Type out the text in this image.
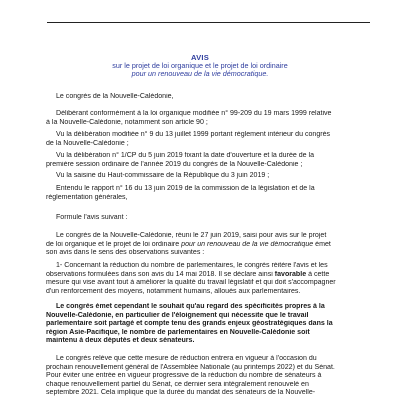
AVIS
sur le projet de loi organique et le projet de loi ordinaire
pour un renouveau de la vie démocratique.
Le congrès de la Nouvelle-Calédonie,
Délibérant conformément à la loi organique modifiée n° 99-209 du 19 mars 1999 relative
à la Nouvelle-Calédonie, notamment son article 90 ;
Vu la délibération modifiée n° 9 du 13 juillet 1999 portant règlement intérieur du congrès
de la Nouvelle-Calédonie ;
Vu la délibération n° 1/CP du 5 juin 2019 fixant la date d'ouverture et la durée de la
première session ordinaire de l'année 2019 du congrès de la Nouvelle-Calédonie ;
Vu la saisine du Haut-commissaire de la République du 3 juin 2019 ;
Entendu le rapport n° 16 du 13 juin 2019 de la commission de la législation et de la
réglementation générales,
Formule l'avis suivant :
Le congrès de la Nouvelle-Calédonie, réuni le 27 juin 2019, saisi pour avis sur le projet
de loi organique et le projet de loi ordinaire pour un renouveau de la vie démocratique émet
son avis dans le sens des observations suivantes :
1- Concernant la réduction du nombre de parlementaires, le congrès réitère l'avis et les
observations formulées dans son avis du 14 mai 2018. Il se déclare ainsi favorable à cette
mesure qui vise avant tout à améliorer la qualité du travail législatif et qui doit s'accompagner
d'un renforcement des moyens, notamment humains, alloués aux parlementaires.
Le congrès émet cependant le souhait qu'au regard des spécificités propres à la
Nouvelle-Calédonie, en particulier de l'éloignement qui nécessite que le travail
parlementaire soit partagé et compte tenu des grands enjeux géostratégiques dans la
région Asie-Pacifique, le nombre de parlementaires en Nouvelle-Calédonie soit
maintenu à deux députés et deux sénateurs.
Le congrès relève que cette mesure de réduction entrera en vigueur à l'occasion du
prochain renouvellement général de l'Assemblée Nationale (au printemps 2022) et du Sénat.
Pour éviter une entrée en vigueur progressive de la réduction du nombre de sénateurs à
chaque renouvellement partiel du Sénat, ce dernier sera intégralement renouvelé en
septembre 2021. Cela implique que la durée du mandat des sénateurs de la Nouvelle-
